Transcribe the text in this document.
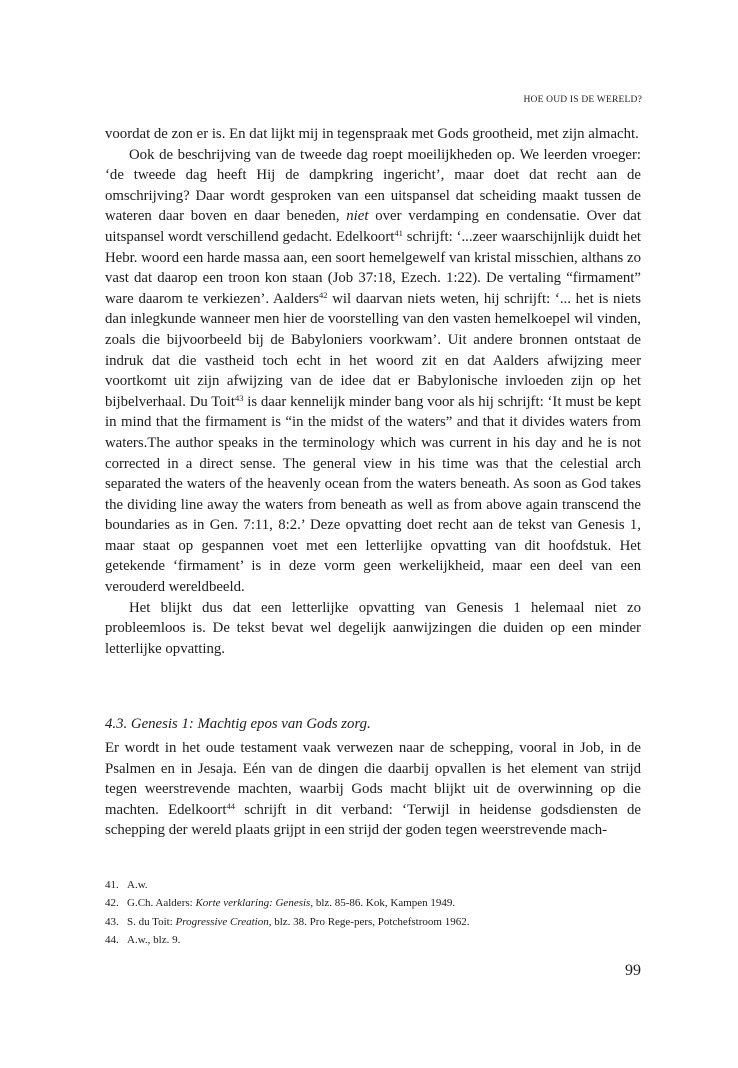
HOE OUD IS DE WERELD?

voordat de zon er is. En dat lijkt mij in tegenspraak met Gods grootheid, met zijn almacht.

Ook de beschrijving van de tweede dag roept moeilijkheden op. We leerden vroeger: ‘de tweede dag heeft Hij de dampkring ingericht’, maar doet dat recht aan de omschrijving? Daar wordt gesproken van een uitspansel dat scheiding maakt tussen de wateren daar boven en daar beneden, niet over verdamping en condensatie. Over dat uitspansel wordt verschillend gedacht. Edelkoort$^{41}$ schrijft: ‘...zeer waarschijnlijk duidt het Hebr. woord een harde massa aan, een soort hemelgewelf van kristal misschien, althans zo vast dat daarop een troon kon staan (Job 37:18, Ezech. 1:22). De vertaling “firmament” ware daarom te verkiezen’. Aalders$^{42}$ wil daarvan niets weten, hij schrijft: ‘... het is niets dan inlegkunde wanneer men hier de voorstelling van den vasten hemelkoepel wil vinden, zoals die bijvoorbeeld bij de Babyloniers voorkwam’. Uit andere bronnen ontstaat de indruk dat die vastheid toch echt in het woord zit en dat Aalders afwijzing meer voortkomt uit zijn afwijzing van de idee dat er Babylonische invloeden zijn op het bijbelverhaal. Du Toit$^{43}$ is daar kennelijk minder bang voor als hij schrijft: ‘It must be kept in mind that the firmament is “in the midst of the waters” and that it divides waters from waters.The author speaks in the terminology which was current in his day and he is not corrected in a direct sense. The general view in his time was that the celestial arch separated the waters of the heavenly ocean from the waters beneath. As soon as God takes the dividing line away the waters from beneath as well as from above again transcend the boundaries as in Gen. 7:11, 8:2.’ Deze opvatting doet recht aan de tekst van Genesis 1, maar staat op gespannen voet met een letterlijke opvatting van dit hoofdstuk. Het getekende ‘firmament’ is in deze vorm geen werkelijkheid, maar een deel van een verouderd wereldbeeld.

Het blijkt dus dat een letterlijke opvatting van Genesis 1 helemaal niet zo probleemloos is. De tekst bevat wel degelijk aanwijzingen die duiden op een minder letterlijke opvatting.

4.3. Genesis 1: Machtig epos van Gods zorg.

Er wordt in het oude testament vaak verwezen naar de schepping, vooral in Job, in de Psalmen en in Jesaja. Eén van de dingen die daarbij opvallen is het element van strijd tegen weerstrevende machten, waarbij Gods macht blijkt uit de overwinning op die machten. Edelkoort$^{44}$ schrijft in dit verband: ‘Terwijl in heidense godsdiensten de schepping der wereld plaats grijpt in een strijd der goden tegen weerstrevende mach-

41. A.w.
42. G.Ch. Aalders: Korte verklaring: Genesis, blz. 85-86. Kok, Kampen 1949.
43. S. du Toit: Progressive Creation, blz. 38. Pro Rege-pers, Potchefstroom 1962.
44. A.w., blz. 9.
99
